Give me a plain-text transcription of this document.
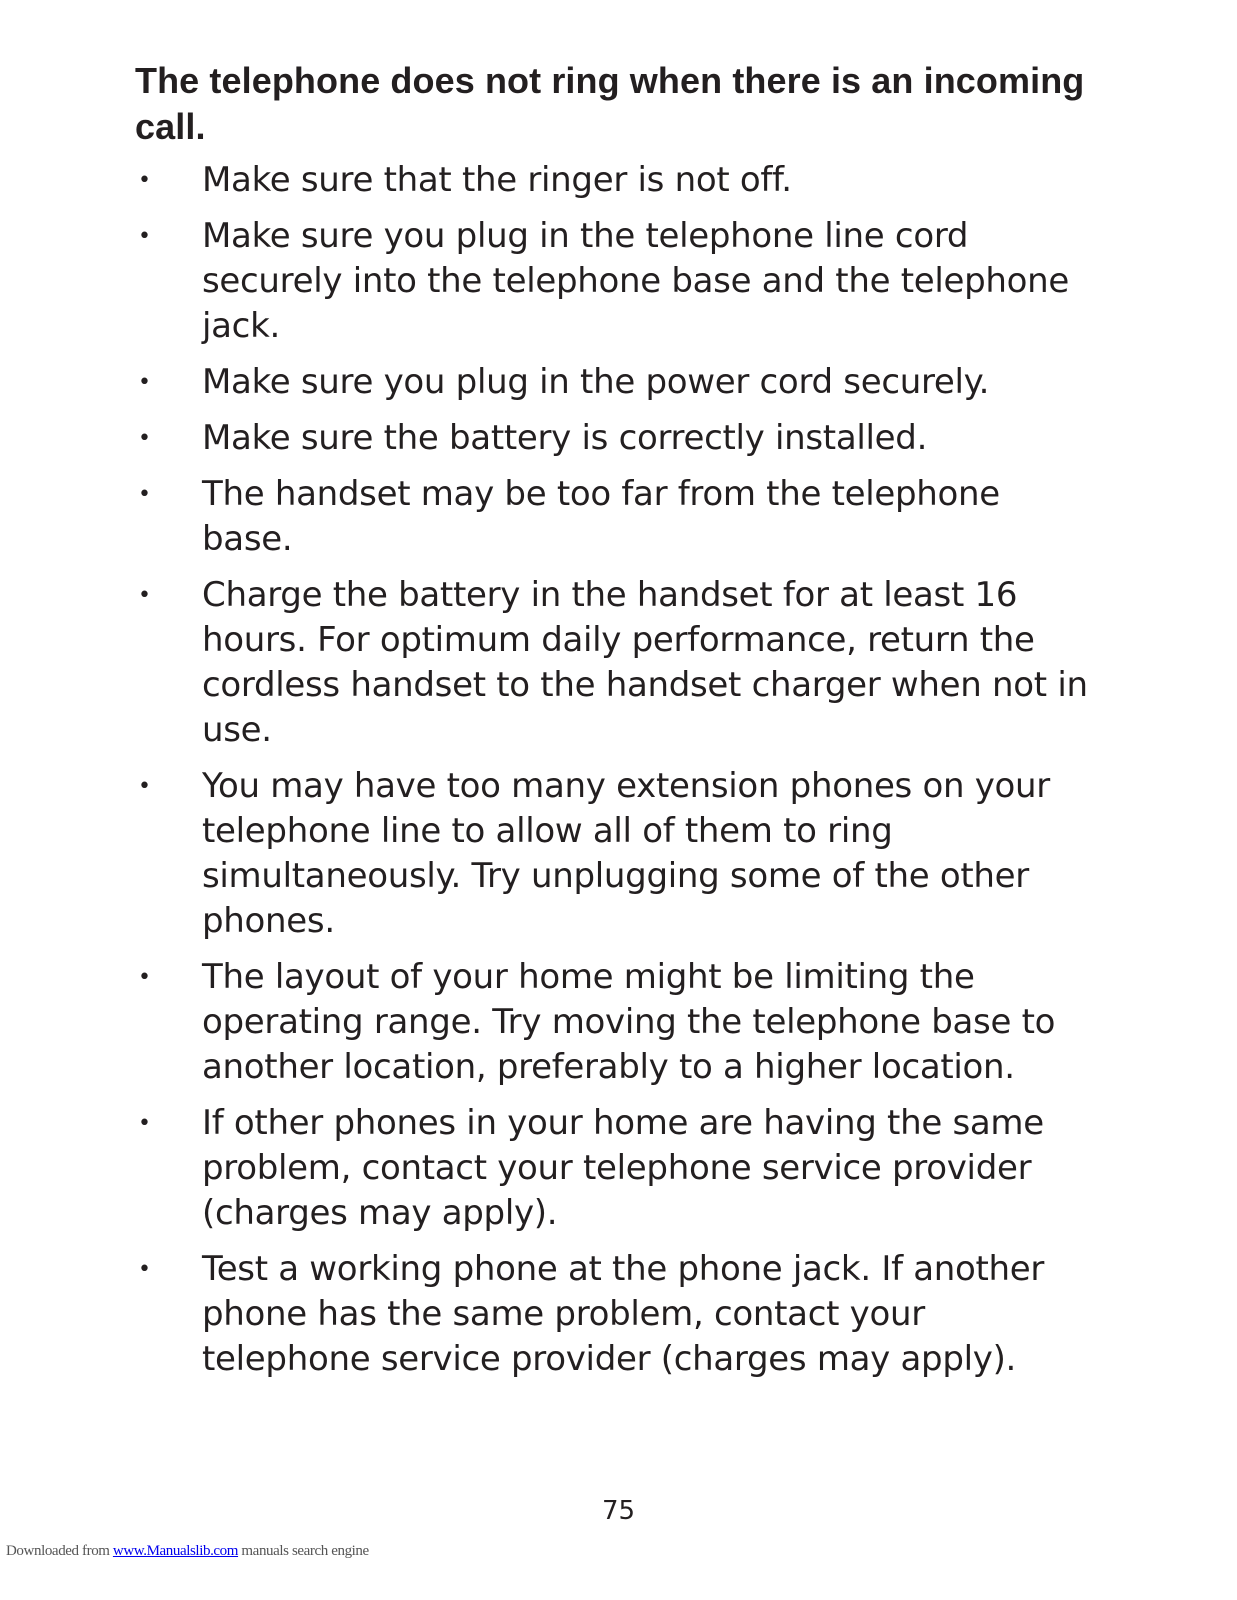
The telephone does not ring when there is an incoming call.
• Make sure that the ringer is not off.
• Make sure you plug in the telephone line cord securely into the telephone base and the telephone jack.
• Make sure you plug in the power cord securely.
• Make sure the battery is correctly installed.
• The handset may be too far from the telephone base.
• Charge the battery in the handset for at least 16 hours. For optimum daily performance, return the cordless handset to the handset charger when not in use.
• You may have too many extension phones on your telephone line to allow all of them to ring simultaneously. Try unplugging some of the other phones.
• The layout of your home might be limiting the operating range. Try moving the telephone base to another location, preferably to a higher location.
• If other phones in your home are having the same problem, contact your telephone service provider (charges may apply).
• Test a working phone at the phone jack. If another phone has the same problem, contact your telephone service provider (charges may apply).
75
Downloaded from www.Manualslib.com manuals search engine
